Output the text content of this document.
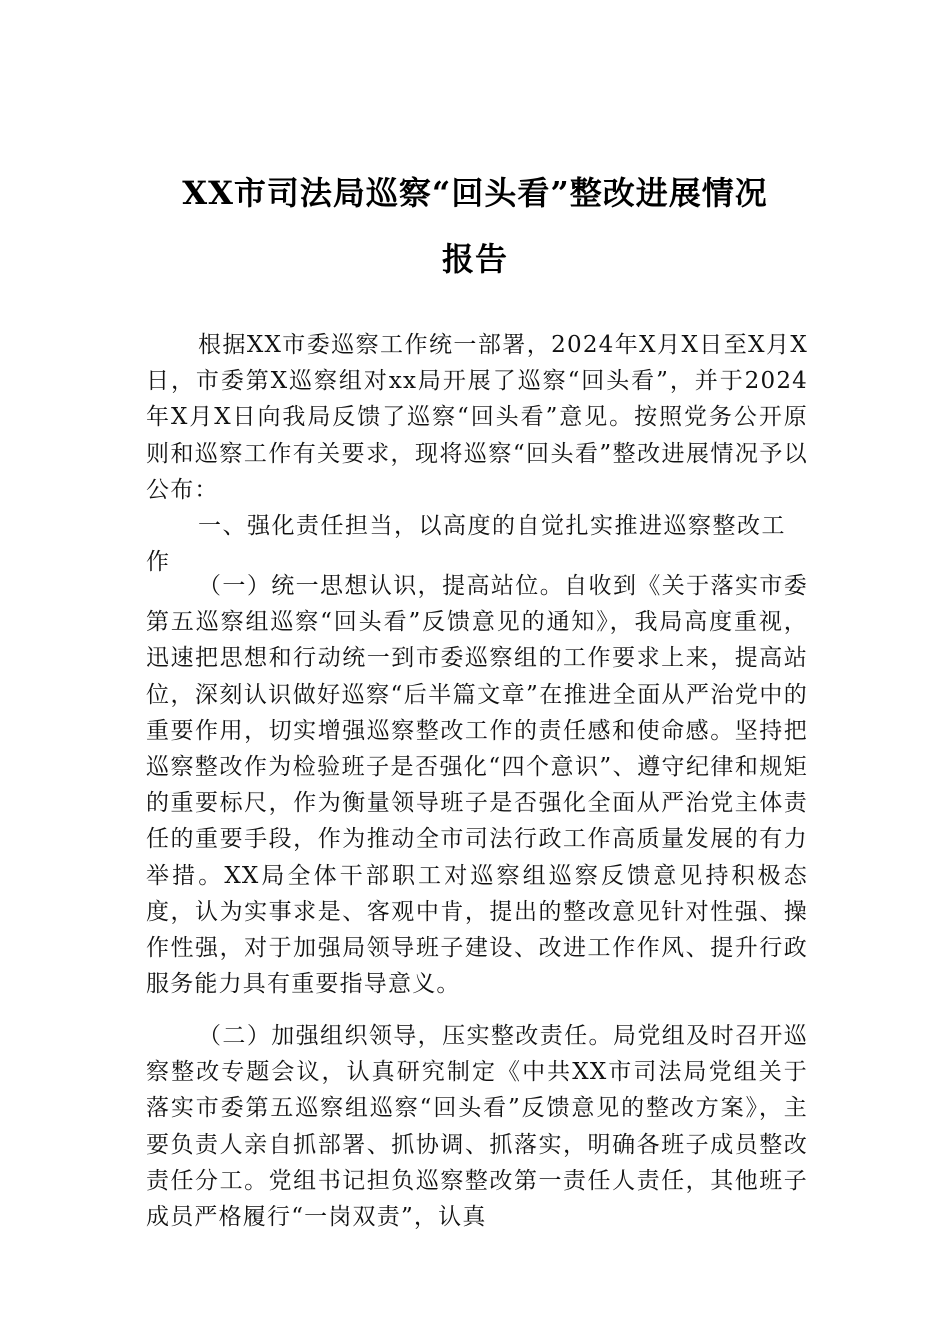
XX市司法局巡察“回头看”整改进展情况
报告

根据XX市委巡察工作统一部署，2024年X月X日至X月X日，市委第X巡察组对xx局开展了巡察“回头看”，并于2024年X月X日向我局反馈了巡察“回头看”意见。按照党务公开原则和巡察工作有关要求，现将巡察“回头看”整改进展情况予以公布：

一、强化责任担当，以高度的自觉扎实推进巡察整改工作

（一）统一思想认识，提高站位。自收到《关于落实市委第五巡察组巡察“回头看”反馈意见的通知》，我局高度重视，迅速把思想和行动统一到市委巡察组的工作要求上来，提高站位，深刻认识做好巡察“后半篇文章”在推进全面从严治党中的重要作用，切实增强巡察整改工作的责任感和使命感。坚持把巡察整改作为检验班子是否强化“四个意识”、遵守纪律和规矩的重要标尺，作为衡量领导班子是否强化全面从严治党主体责任的重要手段，作为推动全市司法行政工作高质量发展的有力举措。XX局全体干部职工对巡察组巡察反馈意见持积极态度，认为实事求是、客观中肯，提出的整改意见针对性强、操作性强，对于加强局领导班子建设、改进工作作风、提升行政服务能力具有重要指导意义。

（二）加强组织领导，压实整改责任。局党组及时召开巡察整改专题会议，认真研究制定《中共XX市司法局党组关于落实市委第五巡察组巡察“回头看”反馈意见的整改方案》，主要负责人亲自抓部署、抓协调、抓落实，明确各班子成员整改责任分工。党组书记担负巡察整改第一责任人责任，其他班子成员严格履行“一岗双责”，认真
